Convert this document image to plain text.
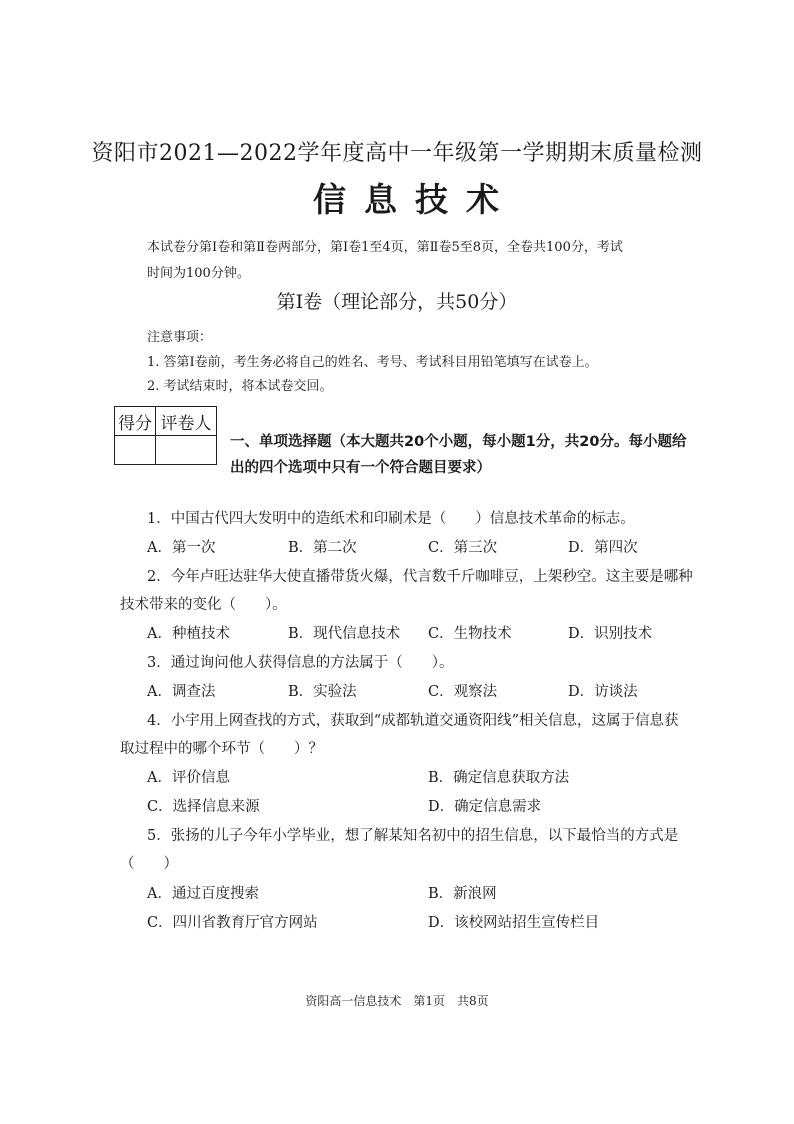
资阳市2021—2022学年度高中一年级第一学期期末质量检测
信息技术
本试卷分第Ⅰ卷和第Ⅱ卷两部分，第Ⅰ卷1至4页，第Ⅱ卷5至8页，全卷共100分，考试
时间为100分钟。
第Ⅰ卷（理论部分，共50分）
注意事项：
1. 答第Ⅰ卷前，考生务必将自己的姓名、考号、考试科目用铅笔填写在试卷上。
2. 考试结束时，将本试卷交回。
得分	评卷人

一、单项选择题（本大题共20个小题，每小题1分，共20分。每小题给
出的四个选项中只有一个符合题目要求）
1．中国古代四大发明中的造纸术和印刷术是（　　）信息技术革命的标志。
A．第一次	B．第二次	C．第三次	D．第四次
2．今年卢旺达驻华大使直播带货火爆，代言数千斤咖啡豆，上架秒空。这主要是哪种
技术带来的变化（　　）。
A．种植技术	B．现代信息技术 C．生物技术	D．识别技术
3．通过询问他人获得信息的方法属于（　　）。
A．调查法	B．实验法	C．观察法	D．访谈法
4．小宇用上网查找的方式，获取到“成都轨道交通资阳线”相关信息，这属于信息获
取过程中的哪个环节（　　）？
A．评价信息	B．确定信息获取方法
C．选择信息来源	D．确定信息需求
5．张扬的儿子今年小学毕业，想了解某知名初中的招生信息，以下最恰当的方式是
（　　）
A．通过百度搜索	B．新浪网
C．四川省教育厅官方网站	D．该校网站招生宣传栏目
资阳高一信息技术　第1页　共8页
